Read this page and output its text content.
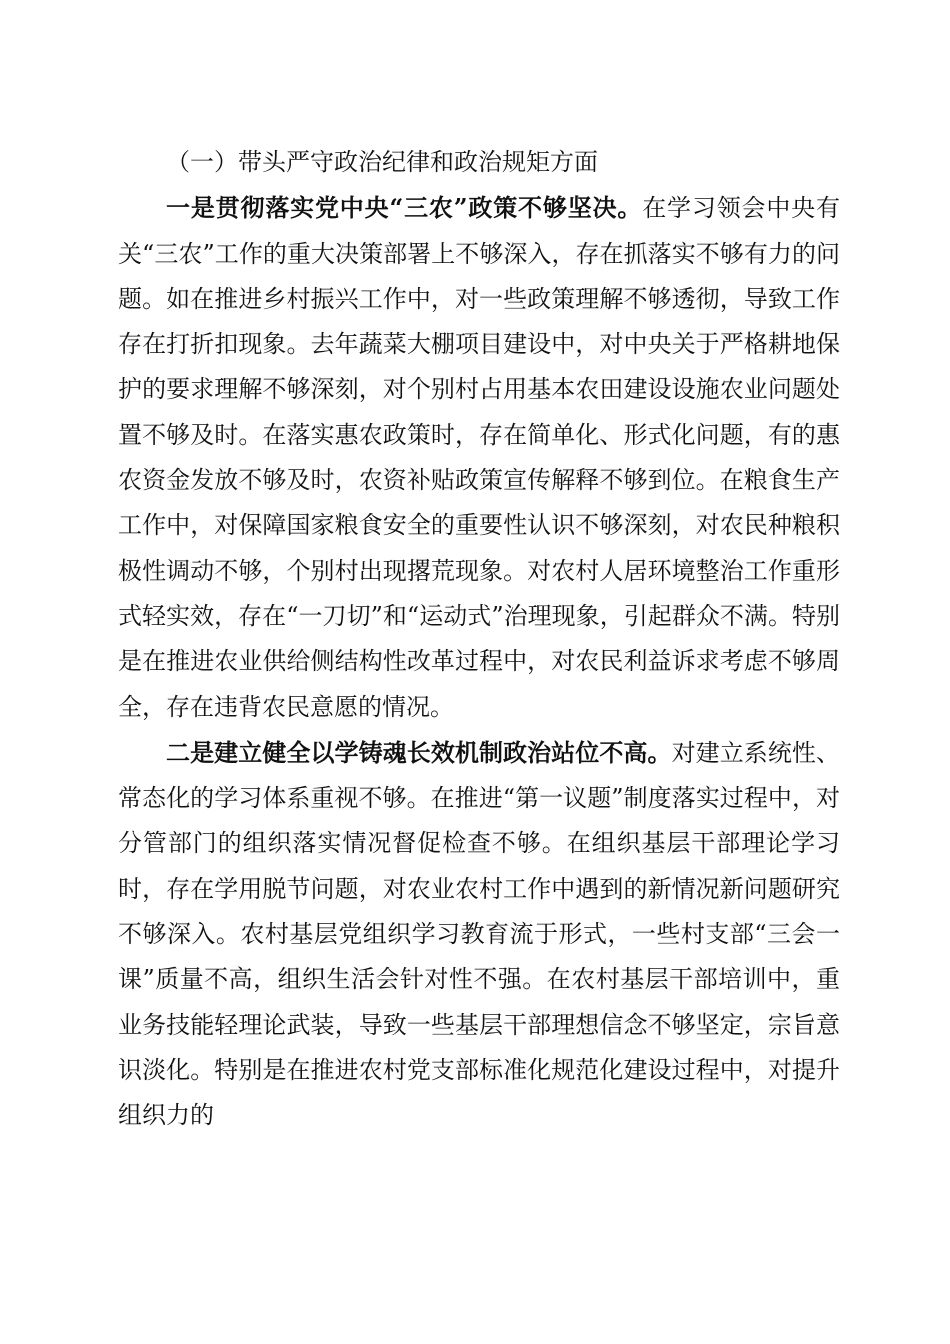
（一）带头严守政治纪律和政治规矩方面

一是贯彻落实党中央“三农”政策不够坚决。在学习领会中央有关“三农”工作的重大决策部署上不够深入，存在抓落实不够有力的问题。如在推进乡村振兴工作中，对一些政策理解不够透彻，导致工作存在打折扣现象。去年蔬菜大棚项目建设中，对中央关于严格耕地保护的要求理解不够深刻，对个别村占用基本农田建设设施农业问题处置不够及时。在落实惠农政策时，存在简单化、形式化问题，有的惠农资金发放不够及时，农资补贴政策宣传解释不够到位。在粮食生产工作中，对保障国家粮食安全的重要性认识不够深刻，对农民种粮积极性调动不够，个别村出现撂荒现象。对农村人居环境整治工作重形式轻实效，存在“一刀切”和“运动式”治理现象，引起群众不满。特别是在推进农业供给侧结构性改革过程中，对农民利益诉求考虑不够周全，存在违背农民意愿的情况。

二是建立健全以学铸魂长效机制政治站位不高。对建立系统性、常态化的学习体系重视不够。在推进“第一议题”制度落实过程中，对分管部门的组织落实情况督促检查不够。在组织基层干部理论学习时，存在学用脱节问题，对农业农村工作中遇到的新情况新问题研究不够深入。农村基层党组织学习教育流于形式，一些村支部“三会一课”质量不高，组织生活会针对性不强。在农村基层干部培训中，重业务技能轻理论武装，导致一些基层干部理想信念不够坚定，宗旨意识淡化。特别是在推进农村党支部标准化规范化建设过程中，对提升组织力的
